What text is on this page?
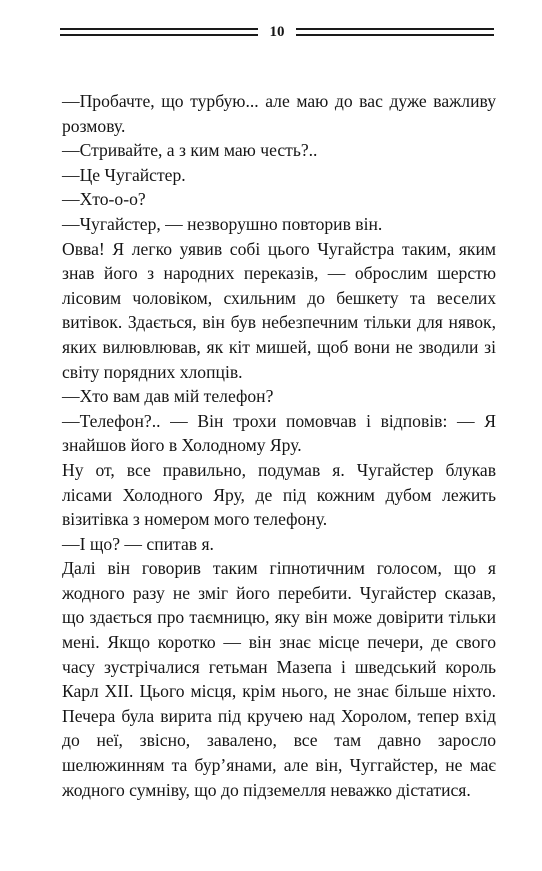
10

—Пробачте, що турбую... але маю до вас дуже важливу розмову.

—Стривайте, а з ким маю честь?..

—Це Чугайстер.

—Хто-о-о?

—Чугайстер, — незворушно повторив він.

Овва! Я легко уявив собі цього Чугайстра таким, яким знав його з народних переказів, — оброслим шерстю лісовим чоловіком, схильним до бешкету та веселих витівок. Здається, він був небезпечним тільки для нявок, яких вилювлював, як кіт мишей, щоб вони не зводили зі світу порядних хлопців.

—Хто вам дав мій телефон?

—Телефон?.. — Він трохи помовчав і відповів: — Я знайшов його в Холодному Яру.

Ну от, все правильно, подумав я. Чугайстер блукав лісами Холодного Яру, де під кожним дубом лежить візитівка з номером мого телефону.

—І що? — спитав я.

Далі він говорив таким гіпнотичним голосом, що я жодного разу не зміг його перебити. Чугайстер сказав, що здається про таємницю, яку він може довірити тільки мені. Якщо коротко — він знає місце печери, де свого часу зустрічалися гетьман Мазепа і шведський король Карл XII. Цього місця, крім нього, не знає більше ніхто. Печера була вирита під кручею над Хоролом, тепер вхід до неї, звісно, завалено, все там давно заросло шелюжинням та бур’янами, але він, Чуггайстер, не має жодного сумніву, що до підземелля неважко дістатися.
